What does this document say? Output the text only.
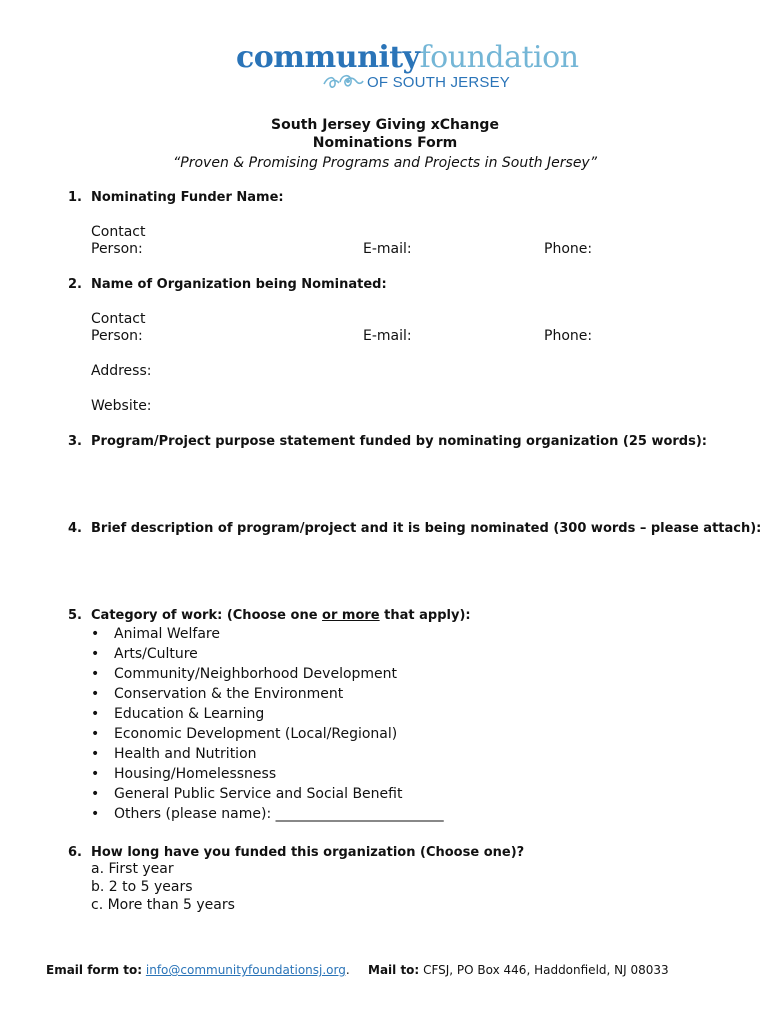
communityfoundation
OF SOUTH JERSEY
South Jersey Giving xChange
Nominations Form
“Proven & Promising Programs and Projects in South Jersey”
1. Nominating Funder Name:
Contact
Person:	E-mail:	Phone:
2. Name of Organization being Nominated:
Contact
Person:	E-mail:	Phone:
Address:
Website:
3. Program/Project purpose statement funded by nominating organization (25 words):
4. Brief description of program/project and it is being nominated (300 words – please attach):
5. Category of work: (Choose one or more that apply):
• Animal Welfare
• Arts/Culture
• Community/Neighborhood Development
• Conservation & the Environment
• Education & Learning
• Economic Development (Local/Regional)
• Health and Nutrition
• Housing/Homelessness
• General Public Service and Social Benefit
• Others (please name): ________________________
6. How long have you funded this organization (Choose one)?
a. First year
b. 2 to 5 years
c. More than 5 years
Email form to: info@communityfoundationsj.org. Mail to: CFSJ, PO Box 446, Haddonfield, NJ 08033
